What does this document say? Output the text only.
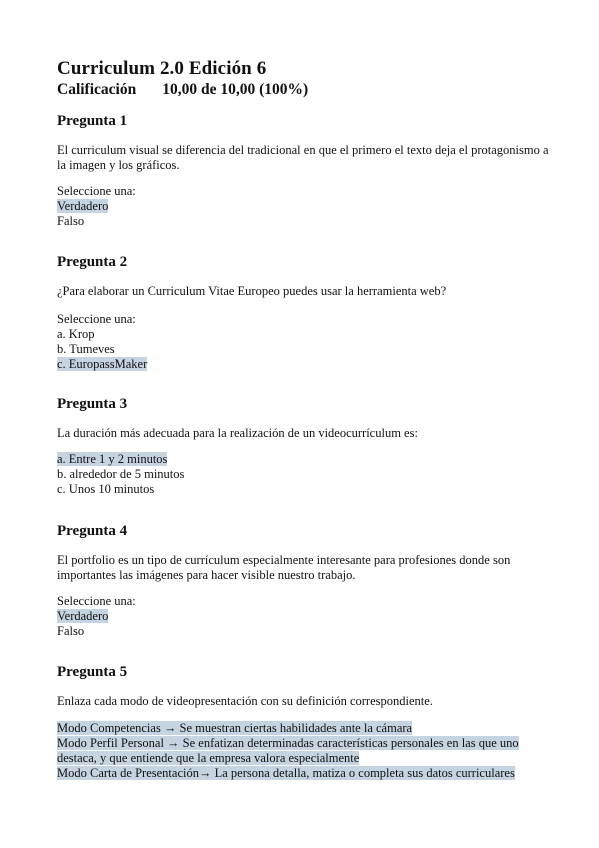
Curriculum 2.0 Edición 6
Calificación 10,00 de 10,00 (100%)
Pregunta 1
El curriculum visual se diferencia del tradicional en que el primero el texto deja el protagonismo a
la imagen y los gráficos.
Seleccione una:
Verdadero
Falso
Pregunta 2
¿Para elaborar un Curriculum Vitae Europeo puedes usar la herramienta web?
Seleccione una:
a. Krop
b. Tumeves
c. EuropassMaker
Pregunta 3
La duración más adecuada para la realización de un videocurrículum es:
a. Entre 1 y 2 minutos
b. alrededor de 5 minutos
c. Unos 10 minutos
Pregunta 4
El portfolio es un tipo de currículum especialmente interesante para profesiones donde son
importantes las imágenes para hacer visible nuestro trabajo.
Seleccione una:
Verdadero
Falso
Pregunta 5
Enlaza cada modo de videopresentación con su definición correspondiente.
Modo Competencias → Se muestran ciertas habilidades ante la cámara
Modo Perfil Personal → Se enfatizan determinadas características personales en las que uno
destaca, y que entiende que la empresa valora especialmente
Modo Carta de Presentación→ La persona detalla, matiza o completa sus datos curriculares
